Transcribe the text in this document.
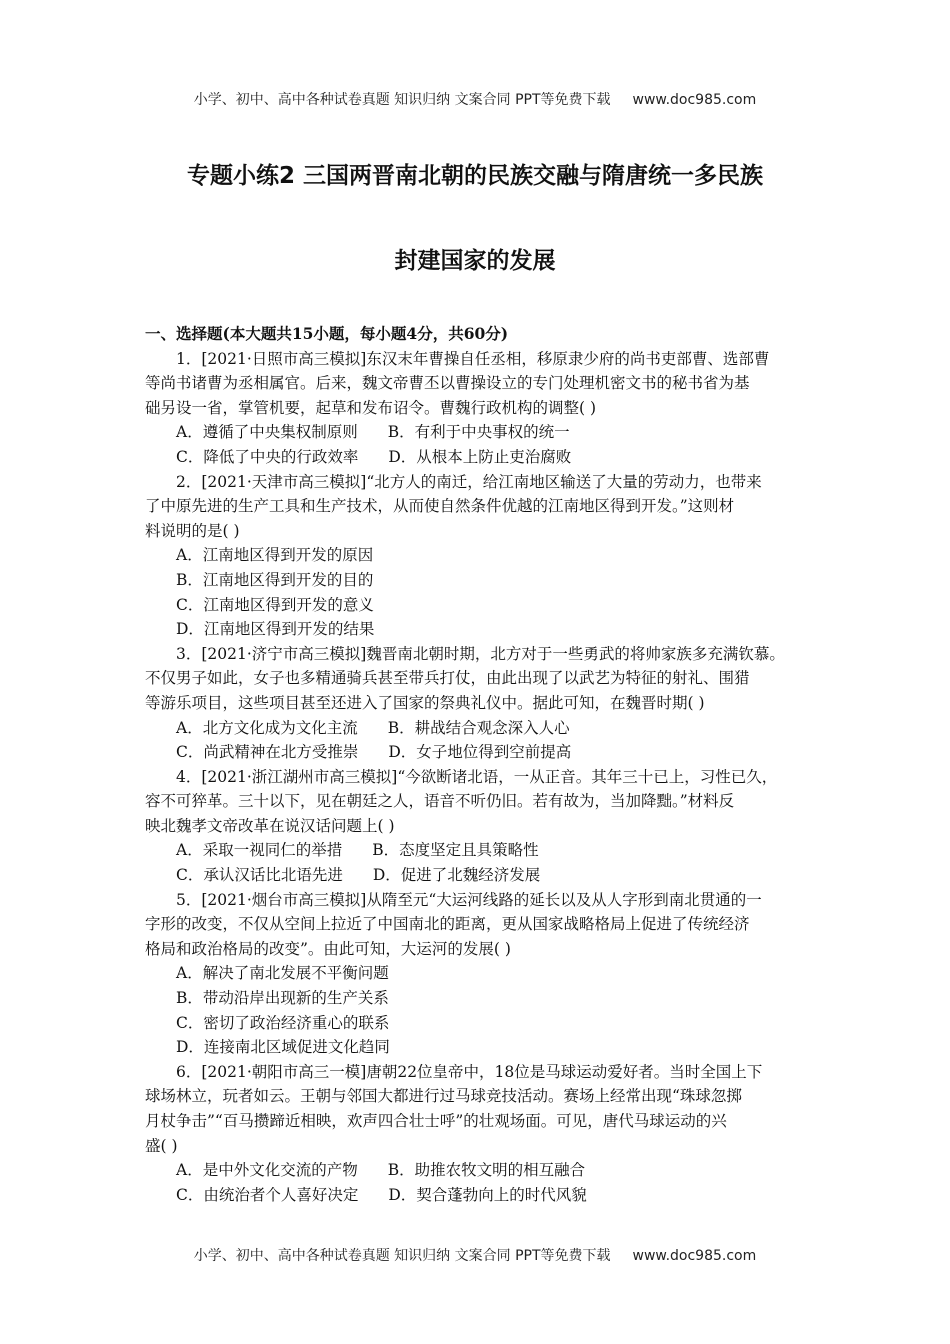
小学、初中、高中各种试卷真题 知识归纳 文案合同 PPT等免费下载 www.doc985.com
专题小练2 三国两晋南北朝的民族交融与隋唐统一多民族
封建国家的发展
一、选择题(本大题共15小题，每小题4分，共60分)
1．[2021·日照市高三模拟]东汉末年曹操自任丞相，移原隶少府的尚书吏部曹、选部曹
等尚书诸曹为丞相属官。后来，魏文帝曹丕以曹操设立的专门处理机密文书的秘书省为基
础另设一省，掌管机要，起草和发布诏令。曹魏行政机构的调整( )
A．遵循了中央集权制原则 B．有利于中央事权的统一
C．降低了中央的行政效率 D．从根本上防止吏治腐败
2．[2021·天津市高三模拟]“北方人的南迁，给江南地区输送了大量的劳动力，也带来
了中原先进的生产工具和生产技术，从而使自然条件优越的江南地区得到开发。”这则材
料说明的是( )
A．江南地区得到开发的原因
B．江南地区得到开发的目的
C．江南地区得到开发的意义
D．江南地区得到开发的结果
3．[2021·济宁市高三模拟]魏晋南北朝时期，北方对于一些勇武的将帅家族多充满钦慕。
不仅男子如此，女子也多精通骑兵甚至带兵打仗，由此出现了以武艺为特征的射礼、围猎
等游乐项目，这些项目甚至还进入了国家的祭典礼仪中。据此可知，在魏晋时期( )
A．北方文化成为文化主流 B．耕战结合观念深入人心
C．尚武精神在北方受推崇 D．女子地位得到空前提高
4．[2021·浙江湖州市高三模拟]“今欲断诸北语，一从正音。其年三十已上，习性已久，
容不可猝革。三十以下，见在朝廷之人，语音不听仍旧。若有故为，当加降黜。”材料反
映北魏孝文帝改革在说汉话问题上( )
A．采取一视同仁的举措 B．态度坚定且具策略性
C．承认汉话比北语先进 D．促进了北魏经济发展
5．[2021·烟台市高三模拟]从隋至元“大运河线路的延长以及从人字形到南北贯通的一
字形的改变，不仅从空间上拉近了中国南北的距离，更从国家战略格局上促进了传统经济
格局和政治格局的改变”。由此可知，大运河的发展( )
A．解决了南北发展不平衡问题
B．带动沿岸出现新的生产关系
C．密切了政治经济重心的联系
D．连接南北区域促进文化趋同
6．[2021·朝阳市高三一模]唐朝22位皇帝中，18位是马球运动爱好者。当时全国上下
球场林立，玩者如云。王朝与邻国大都进行过马球竞技活动。赛场上经常出现“珠球忽掷
月杖争击”“百马攒蹄近相映，欢声四合壮士呼”的壮观场面。可见，唐代马球运动的兴
盛( )
A．是中外文化交流的产物 B．助推农牧文明的相互融合
C．由统治者个人喜好决定 D．契合蓬勃向上的时代风貌
小学、初中、高中各种试卷真题 知识归纳 文案合同 PPT等免费下载 www.doc985.com
